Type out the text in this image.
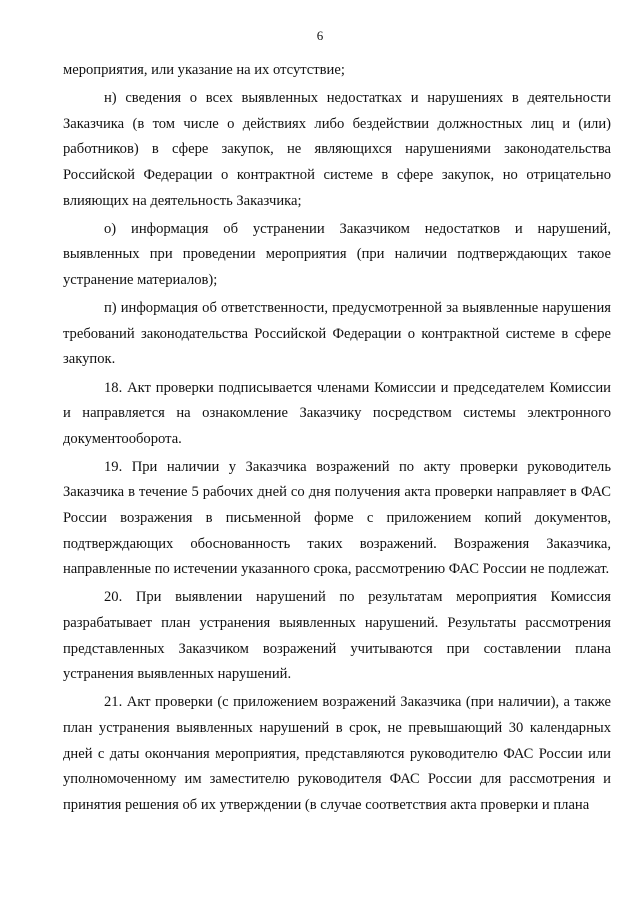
6

мероприятия, или указание на их отсутствие;

н) сведения о всех выявленных недостатках и нарушениях в деятельности Заказчика (в том числе о действиях либо бездействии должностных лиц и (или) работников) в сфере закупок, не являющихся нарушениями законодательства Российской Федерации о контрактной системе в сфере закупок, но отрицательно влияющих на деятельность Заказчика;

о) информация об устранении Заказчиком недостатков и нарушений, выявленных при проведении мероприятия (при наличии подтверждающих такое устранение материалов);

п) информация об ответственности, предусмотренной за выявленные нарушения требований законодательства Российской Федерации о контрактной системе в сфере закупок.

18. Акт проверки подписывается членами Комиссии и председателем Комиссии и направляется на ознакомление Заказчику посредством системы электронного документооборота.

19. При наличии у Заказчика возражений по акту проверки руководитель Заказчика в течение 5 рабочих дней со дня получения акта проверки направляет в ФАС России возражения в письменной форме с приложением копий документов, подтверждающих обоснованность таких возражений. Возражения Заказчика, направленные по истечении указанного срока, рассмотрению ФАС России не подлежат.

20. При выявлении нарушений по результатам мероприятия Комиссия разрабатывает план устранения выявленных нарушений. Результаты рассмотрения представленных Заказчиком возражений учитываются при составлении плана устранения выявленных нарушений.

21. Акт проверки (с приложением возражений Заказчика (при наличии), а также план устранения выявленных нарушений в срок, не превышающий 30 календарных дней с даты окончания мероприятия, представляются руководителю ФАС России или уполномоченному им заместителю руководителя ФАС России для рассмотрения и принятия решения об их утверждении (в случае соответствия акта проверки и плана
